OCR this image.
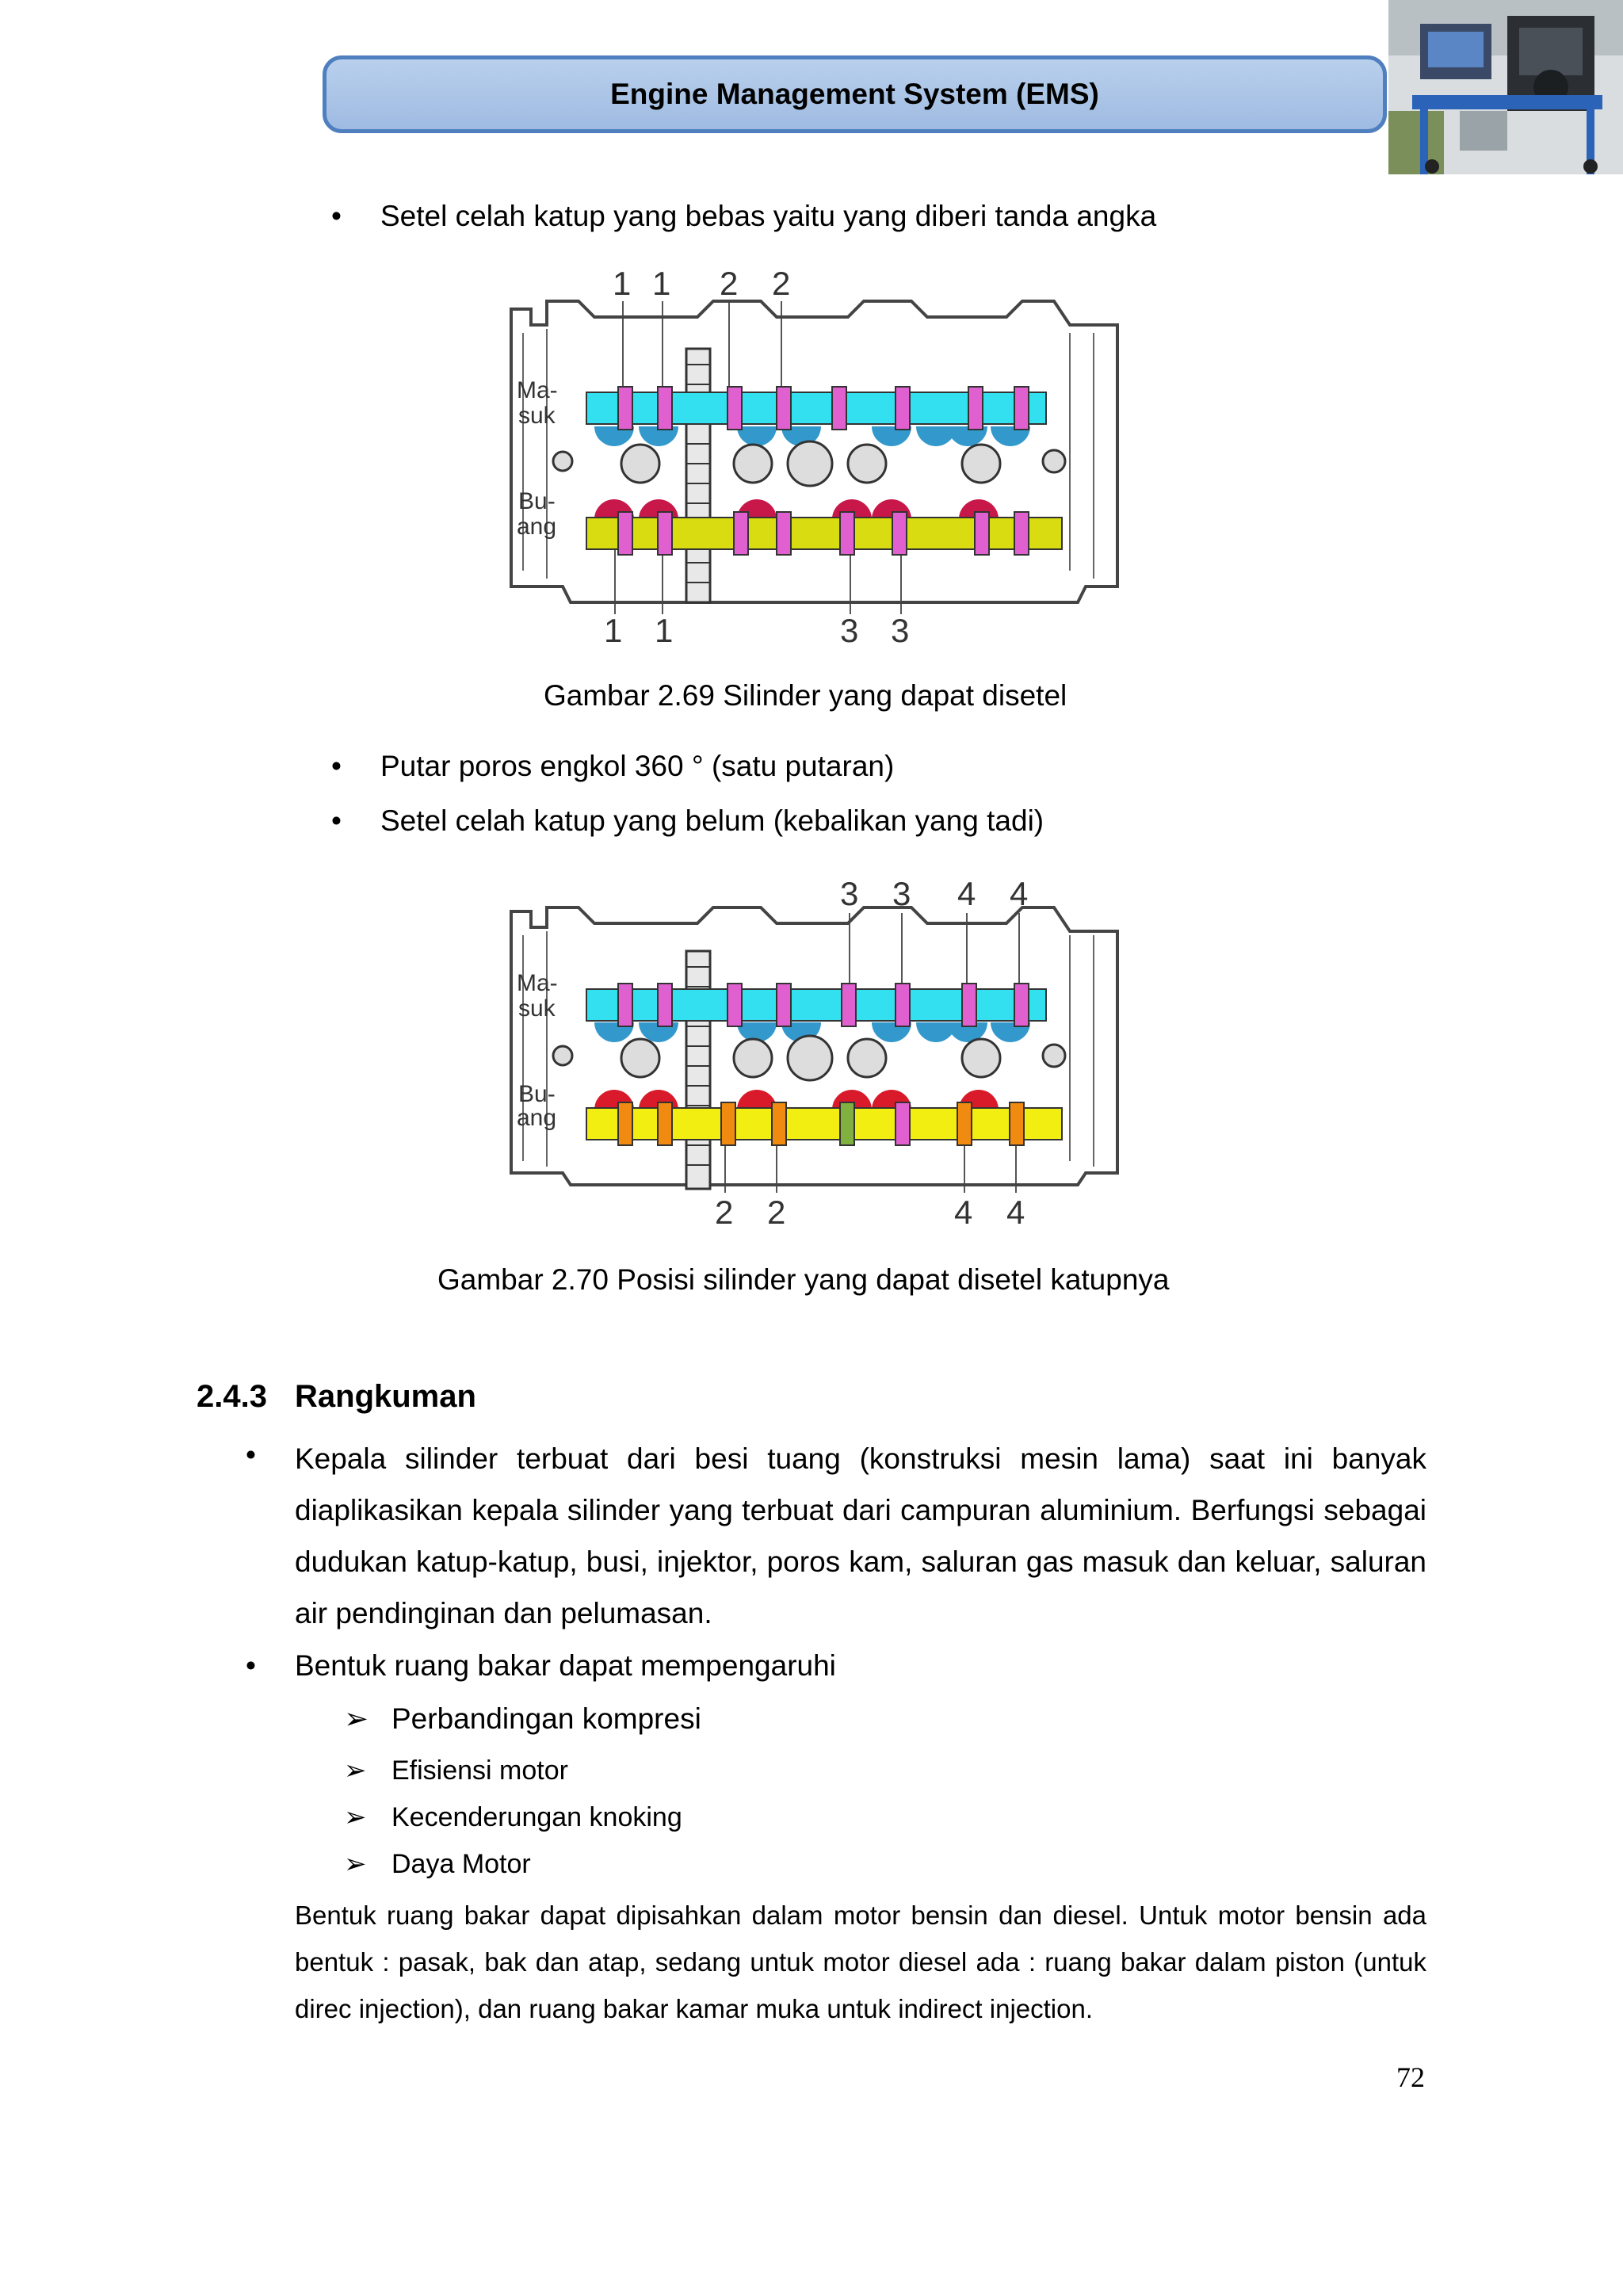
Engine Management System (EMS)
• Setel celah katup yang bebas yaitu yang diberi tanda angka
1 1 2 2
1 1	3 3
Ma-
suk
Bu-
ang
Gambar 2.69 Silinder yang dapat disetel
• Putar poros engkol 360 ° (satu putaran)
• Setel celah katup yang belum (kebalikan yang tadi)
3 3 4 4
2 2	4 4
Ma-
suk
Bu-
ang
Gambar 2.70 Posisi silinder yang dapat disetel katupnya
2.4.3 Rangkuman
• Kepala silinder terbuat dari besi tuang (konstruksi mesin lama) saat ini banyak diaplikasikan kepala silinder yang terbuat dari campuran aluminium. Berfungsi sebagai dudukan katup-katup, busi, injektor, poros kam, saluran gas masuk dan keluar, saluran air pendinginan dan pelumasan.

• Bentuk ruang bakar dapat mempengaruhi
➢ Perbandingan kompresi
➢ Efisiensi motor
➢ Kecenderungan knoking
➢ Daya Motor
Bentuk ruang bakar dapat dipisahkan dalam motor bensin dan diesel. Untuk motor bensin ada bentuk : pasak, bak dan atap, sedang untuk motor diesel ada : ruang bakar dalam piston (untuk direc injection), dan ruang bakar kamar muka untuk indirect injection.
72
